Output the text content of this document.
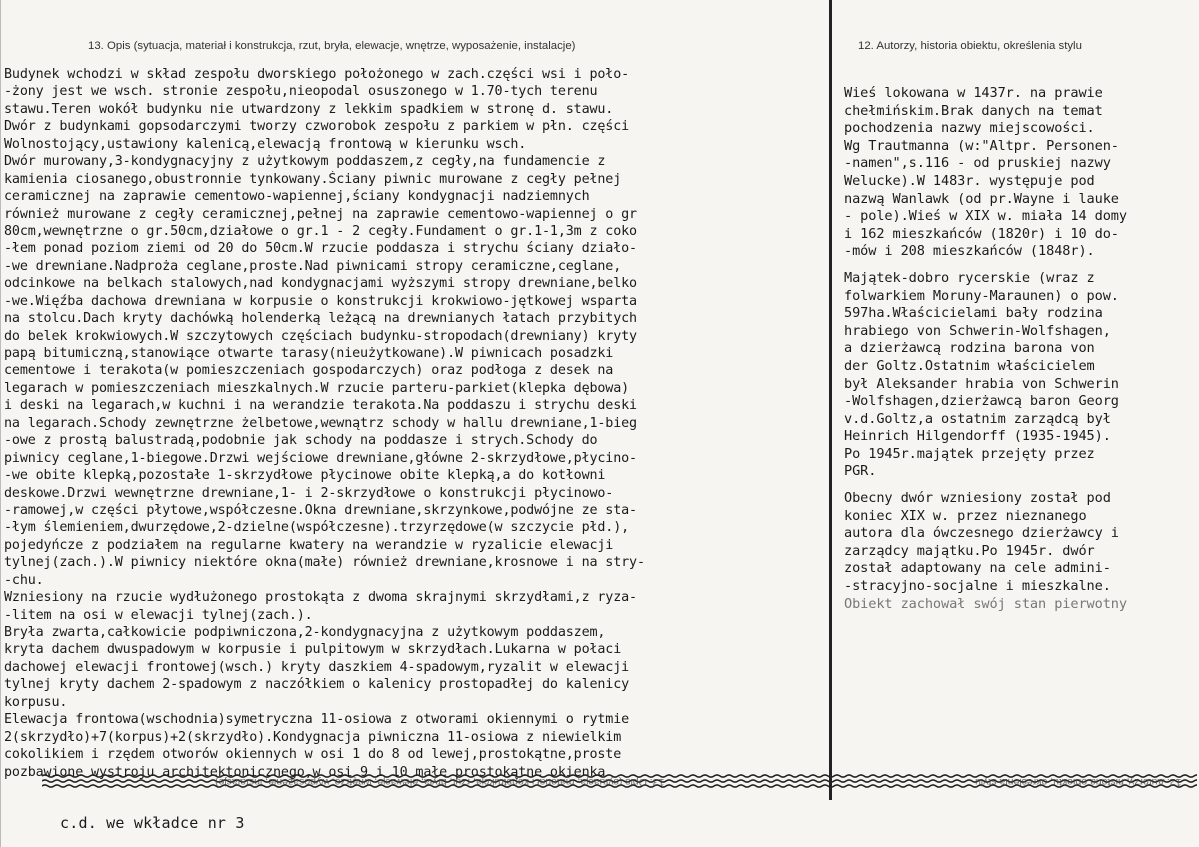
13. Opis (sytuacja, materiał i konstrukcja, rzut, bryła, elewacje, wnętrze, wyposażenie, instalacje)	12. Autorzy, historia obiektu, określenia stylu
Budynek wchodzi w skład zespołu dworskiego położonego w zach.części wsi i poło-
-żony jest we wsch. stronie zespołu,nieopodal osuszonego w 1.70-tych terenu
stawu.Teren wokół budynku nie utwardzony z lekkim spadkiem w stronę d. stawu.
Dwór z budynkami gopsodarczymi tworzy czworobok zespołu z parkiem w płn. części
Wolnostojący,ustawiony kalenicą,elewacją frontową w kierunku wsch.
Dwór murowany,3-kondygnacyjny z użytkowym poddaszem,z cegły,na fundamencie z
kamienia ciosanego,obustronnie tynkowany.Ściany piwnic murowane z cegły pełnej
ceramicznej na zaprawie cementowo-wapiennej,ściany kondygnacji nadziemnych
również murowane z cegły ceramicznej,pełnej na zaprawie cementowo-wapiennej o gr
80cm,wewnętrzne o gr.50cm,działowe o gr.1 - 2 cegły.Fundament o gr.1-1,3m z coko
-łem ponad poziom ziemi od 20 do 50cm.W rzucie poddasza i strychu ściany działo-
-we drewniane.Nadproża ceglane,proste.Nad piwnicami stropy ceramiczne,ceglane,
odcinkowe na belkach stalowych,nad kondygnacjami wyższymi stropy drewniane,belko
-we.Więźba dachowa drewniana w korpusie o konstrukcji krokwiowo-jętkowej wsparta
na stolcu.Dach kryty dachówką holenderką leżącą na drewnianych łatach przybitych
do belek krokwiowych.W szczytowych częściach budynku-stropodach(drewniany) kryty
papą bitumiczną,stanowiące otwarte tarasy(nieużytkowane).W piwnicach posadzki
cementowe i terakota(w pomieszczeniach gospodarczych) oraz podłoga z desek na
legarach w pomieszczeniach mieszkalnych.W rzucie parteru-parkiet(klepka dębowa)
i deski na legarach,w kuchni i na werandzie terakota.Na poddaszu i strychu deski
na legarach.Schody zewnętrzne żelbetowe,wewnątrz schody w hallu drewniane,1-bieg
-owe z prostą balustradą,podobnie jak schody na poddasze i strych.Schody do
piwnicy ceglane,1-biegowe.Drzwi wejściowe drewniane,główne 2-skrzydłowe,płycino-
-we obite klepką,pozostałe 1-skrzydłowe płycinowe obite klepką,a do kotłowni
deskowe.Drzwi wewnętrzne drewniane,1- i 2-skrzydłowe o konstrukcji płycinowo-
-ramowej,w części płytowe,współczesne.Okna drewniane,skrzynkowe,podwójne ze sta-
-łym ślemieniem,dwurzędowe,2-dzielne(współczesne).trzyrzędowe(w szczycie płd.),
pojedyńcze z podziałem na regularne kwatery na werandzie w ryzalicie elewacji
tylnej(zach.).W piwnicy niektóre okna(małe) również drewniane,krosnowe i na stry-
-chu.
Wzniesiony na rzucie wydłużonego prostokąta z dwoma skrajnymi skrzydłami,z ryza-
-litem na osi w elewacji tylnej(zach.).
Bryła zwarta,całkowicie podpiwniczona,2-kondygnacyjna z użytkowym poddaszem,
kryta dachem dwuspadowym w korpusie i pulpitowym w skrzydłach.Lukarna w połaci
dachowej elewacji frontowej(wsch.) kryty daszkiem 4-spadowym,ryzalit w elewacji
tylnej kryty dachem 2-spadowym z naczółkiem o kalenicy prostopadłej do kalenicy
korpusu.
Elewacja frontowa(wschodnia)symetryczna 11-osiowa z otworami okiennymi o rytmie
2(skrzydło)+7(korpus)+2(skrzydło).Kondygnacja piwniczna 11-osiowa z niewielkim
cokolikiem i rzędem otworów okiennych w osi 1 do 8 od lewej,prostokątne,proste
pozbawione wystroju architektonicznego,w osi 9 i 10 małe prostokątne okienka
Wieś lokowana w 1437r. na prawie
chełmińskim.Brak danych na temat
pochodzenia nazwy miejscowości.
Wg Trautmanna (w:"Altpr. Personen-
-namen",s.116 - od pruskiej nazwy
Welucke).W 1483r. występuje pod
nazwą Wanlawk (od pr.Wayne i lauke
- pole).Wieś w XIX w. miała 14 domy
i 162 mieszkańców (1820r) i 10 do-
-mów i 208 mieszkańców (1848r).
Majątek-dobro rycerskie (wraz z
folwarkiem Moruny-Maraunen) o pow.
597ha.Właścicielami bały rodzina
hrabiego von Schwerin-Wolfshagen,
a dzierżawcą rodzina barona von
der Goltz.Ostatnim właścicielem
był Aleksander hrabia von Schwerin
-Wolfshagen,dzierżawcą baron Georg
v.d.Goltz,a ostatnim zarządcą był
Heinrich Hilgendorff (1935-1945).
Po 1945r.majątek przejęty przez
PGR.
Obecny dwór wzniesiony został pod
koniec XIX w. przez nieznanego
autora dla ówczesnego dzierżawcy i
zarządcy majątku.Po 1945r. dwór
został adaptowany na cele admini-
-stracyjno-socjalne i mieszkalne.
Obiekt zachował swój stan pierwotny
13. Opis (sytuacja, materiał i konstrukcja, rzut, bryła, elewacje, wnętrze, wyposażenie, instalacje)	12. Autorzy, historia obiektu, określenia stylu
c.d. we wkładce nr 3
